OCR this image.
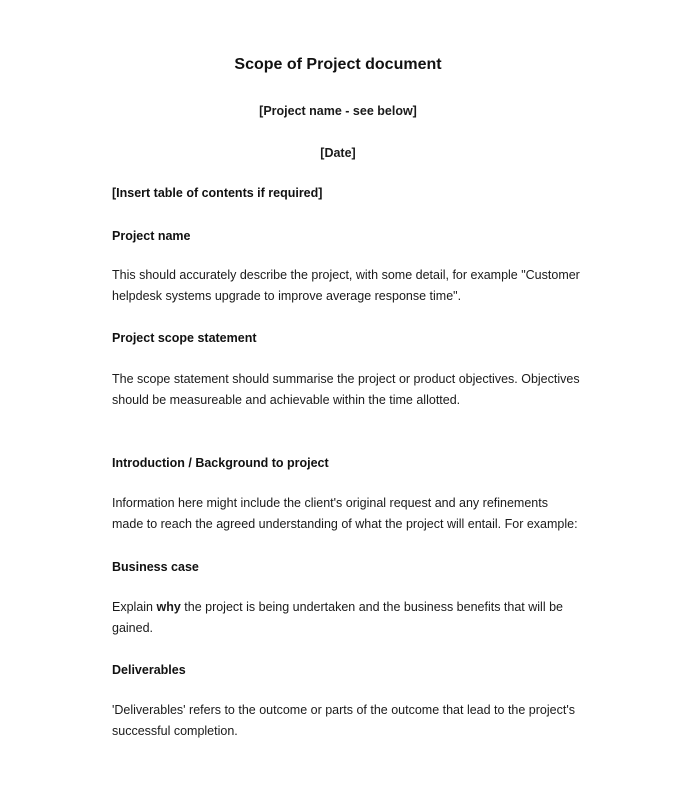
Scope of Project document
[Project name - see below]
[Date]
[Insert table of contents if required]
Project name
This should accurately describe the project, with some detail, for example "Customer
helpdesk systems upgrade to improve average response time".
Project scope statement
The scope statement should summarise the project or product objectives. Objectives
should be measureable and achievable within the time allotted.
Introduction / Background to project
Information here might include the client's original request and any refinements
made to reach the agreed understanding of what the project will entail. For example:
Business case
Explain why the project is being undertaken and the business benefits that will be
gained.
Deliverables
'Deliverables' refers to the outcome or parts of the outcome that lead to the project's
successful completion.
